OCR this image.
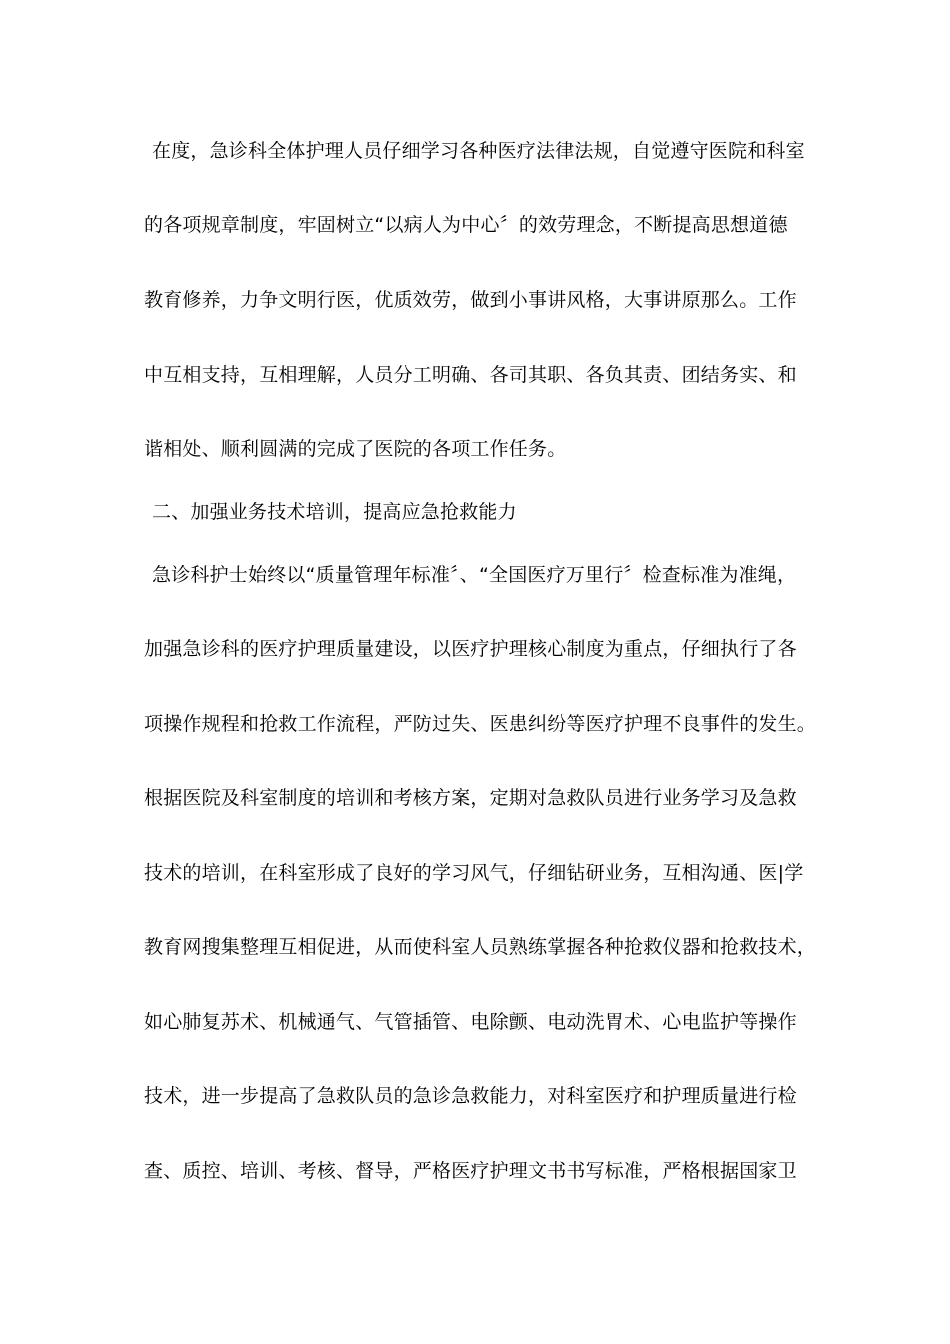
在度，急诊科全体护理人员仔细学习各种医疗法律法规，自觉遵守医院和科室
的各项规章制度，牢固树立“以病人为中心〞的效劳理念，不断提高思想道德
教育修养，力争文明行医，优质效劳，做到小事讲风格，大事讲原那么。工作
中互相支持，互相理解，人员分工明确、各司其职、各负其责、团结务实、和
谐相处、顺利圆满的完成了医院的各项工作任务。
二、加强业务技术培训，提高应急抢救能力
急诊科护士始终以“质量管理年标准〞、“全国医疗万里行〞检查标准为准绳，
加强急诊科的医疗护理质量建设，以医疗护理核心制度为重点，仔细执行了各
项操作规程和抢救工作流程，严防过失、医患纠纷等医疗护理不良事件的发生。
根据医院及科室制度的培训和考核方案，定期对急救队员进行业务学习及急救
技术的培训，在科室形成了良好的学习风气，仔细钻研业务，互相沟通、医|学
教育网搜集整理互相促进，从而使科室人员熟练掌握各种抢救仪器和抢救技术，
如心肺复苏术、机械通气、气管插管、电除颤、电动洗胃术、心电监护等操作
技术，进一步提高了急救队员的急诊急救能力，对科室医疗和护理质量进行检
查、质控、培训、考核、督导，严格医疗护理文书书写标准，严格根据国家卫
